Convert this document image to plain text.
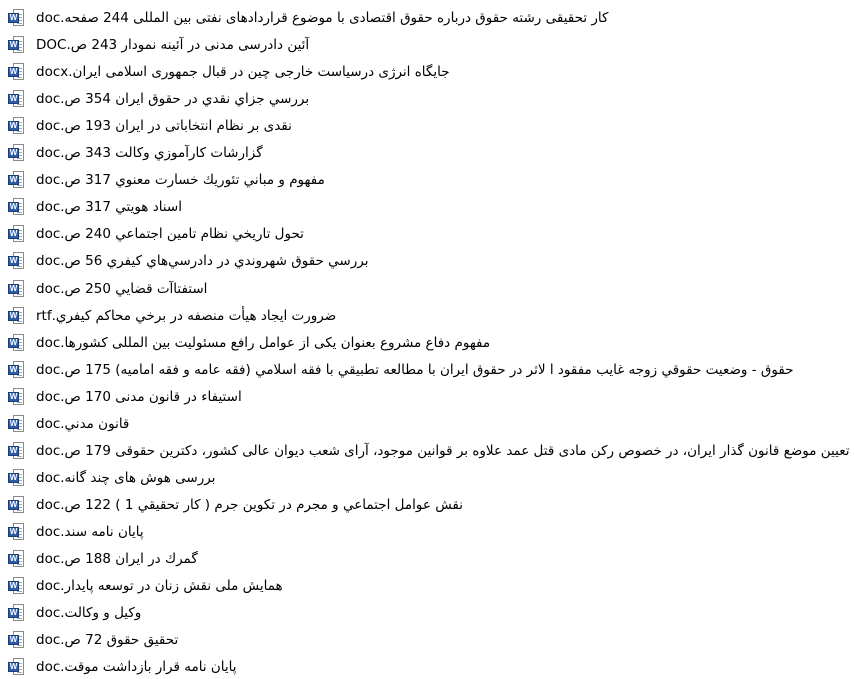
W کار تحقیقی رشته حقوق درباره حقوق اقتصادی با موضوع قراردادهای نفتی بین المللی 244 صفحه.doc
W آئین دادرسی مدنی در آئینه نمودار 243 ص.DOC
W جایگاه انرژی درسیاست خارجی چین در قبال جمهوری اسلامی ایران.docx
W بررسي جزاي نقدي در حقوق ايران 354 ص.doc
W نقدی بر نظام انتخاباتی در ایران 193 ص.doc
W گزارشات كارآموزي وكالت 343 ص.doc
W مفهوم و مباني تئوريك خسارت معنوي 317 ص.doc
W اسناد هويتي 317 ص.doc
W تحول تاريخي نظام تامين اجتماعي 240 ص.doc
W بررسي حقوق شهروندي در دادرسي‌هاي كيفري 56 ص.doc
W استفتاآت قضايي 250 ص.doc
W ضرورت ایجاد هیأت منصفه در برخي محاكم كيفري.rtf
W مفهوم دفاع مشروع بعنوان یکی از عوامل رافع مسئولیت بین المللی کشورها.doc
W حقوق - وضعيت حقوقي زوجه غايب مفقود ا لاثر در حقوق ايران با مطالعه تطبيقي با فقه اسلامي (فقه عامه و فقه اماميه) 175 ص.doc
W استیفاء در قانون مدنی 170 ص.doc
W قانون مدني.doc
W تعیین موضع قانون گذار ایران، در خصوص رکن مادی قتل عمد علاوه بر قوانین موجود، آرای شعب دیوان عالی کشور، دکترین حقوقی 179 ص.doc
W بررسی هوش های چند گانه.doc
W نقش عوامل اجتماعي و مجرم در تكوين جرم ( كار تحقيقي 1 ) 122 ص.doc
W پایان نامه سند.doc
W گمرك در ايران 188 ص.doc
W همایش ملی نقش زنان در توسعه پایدار.doc
W وکیل و وکالت.doc
W تحقيق حقوق 72 ص.doc
W پایان نامه قرار بازداشت موقت.doc
